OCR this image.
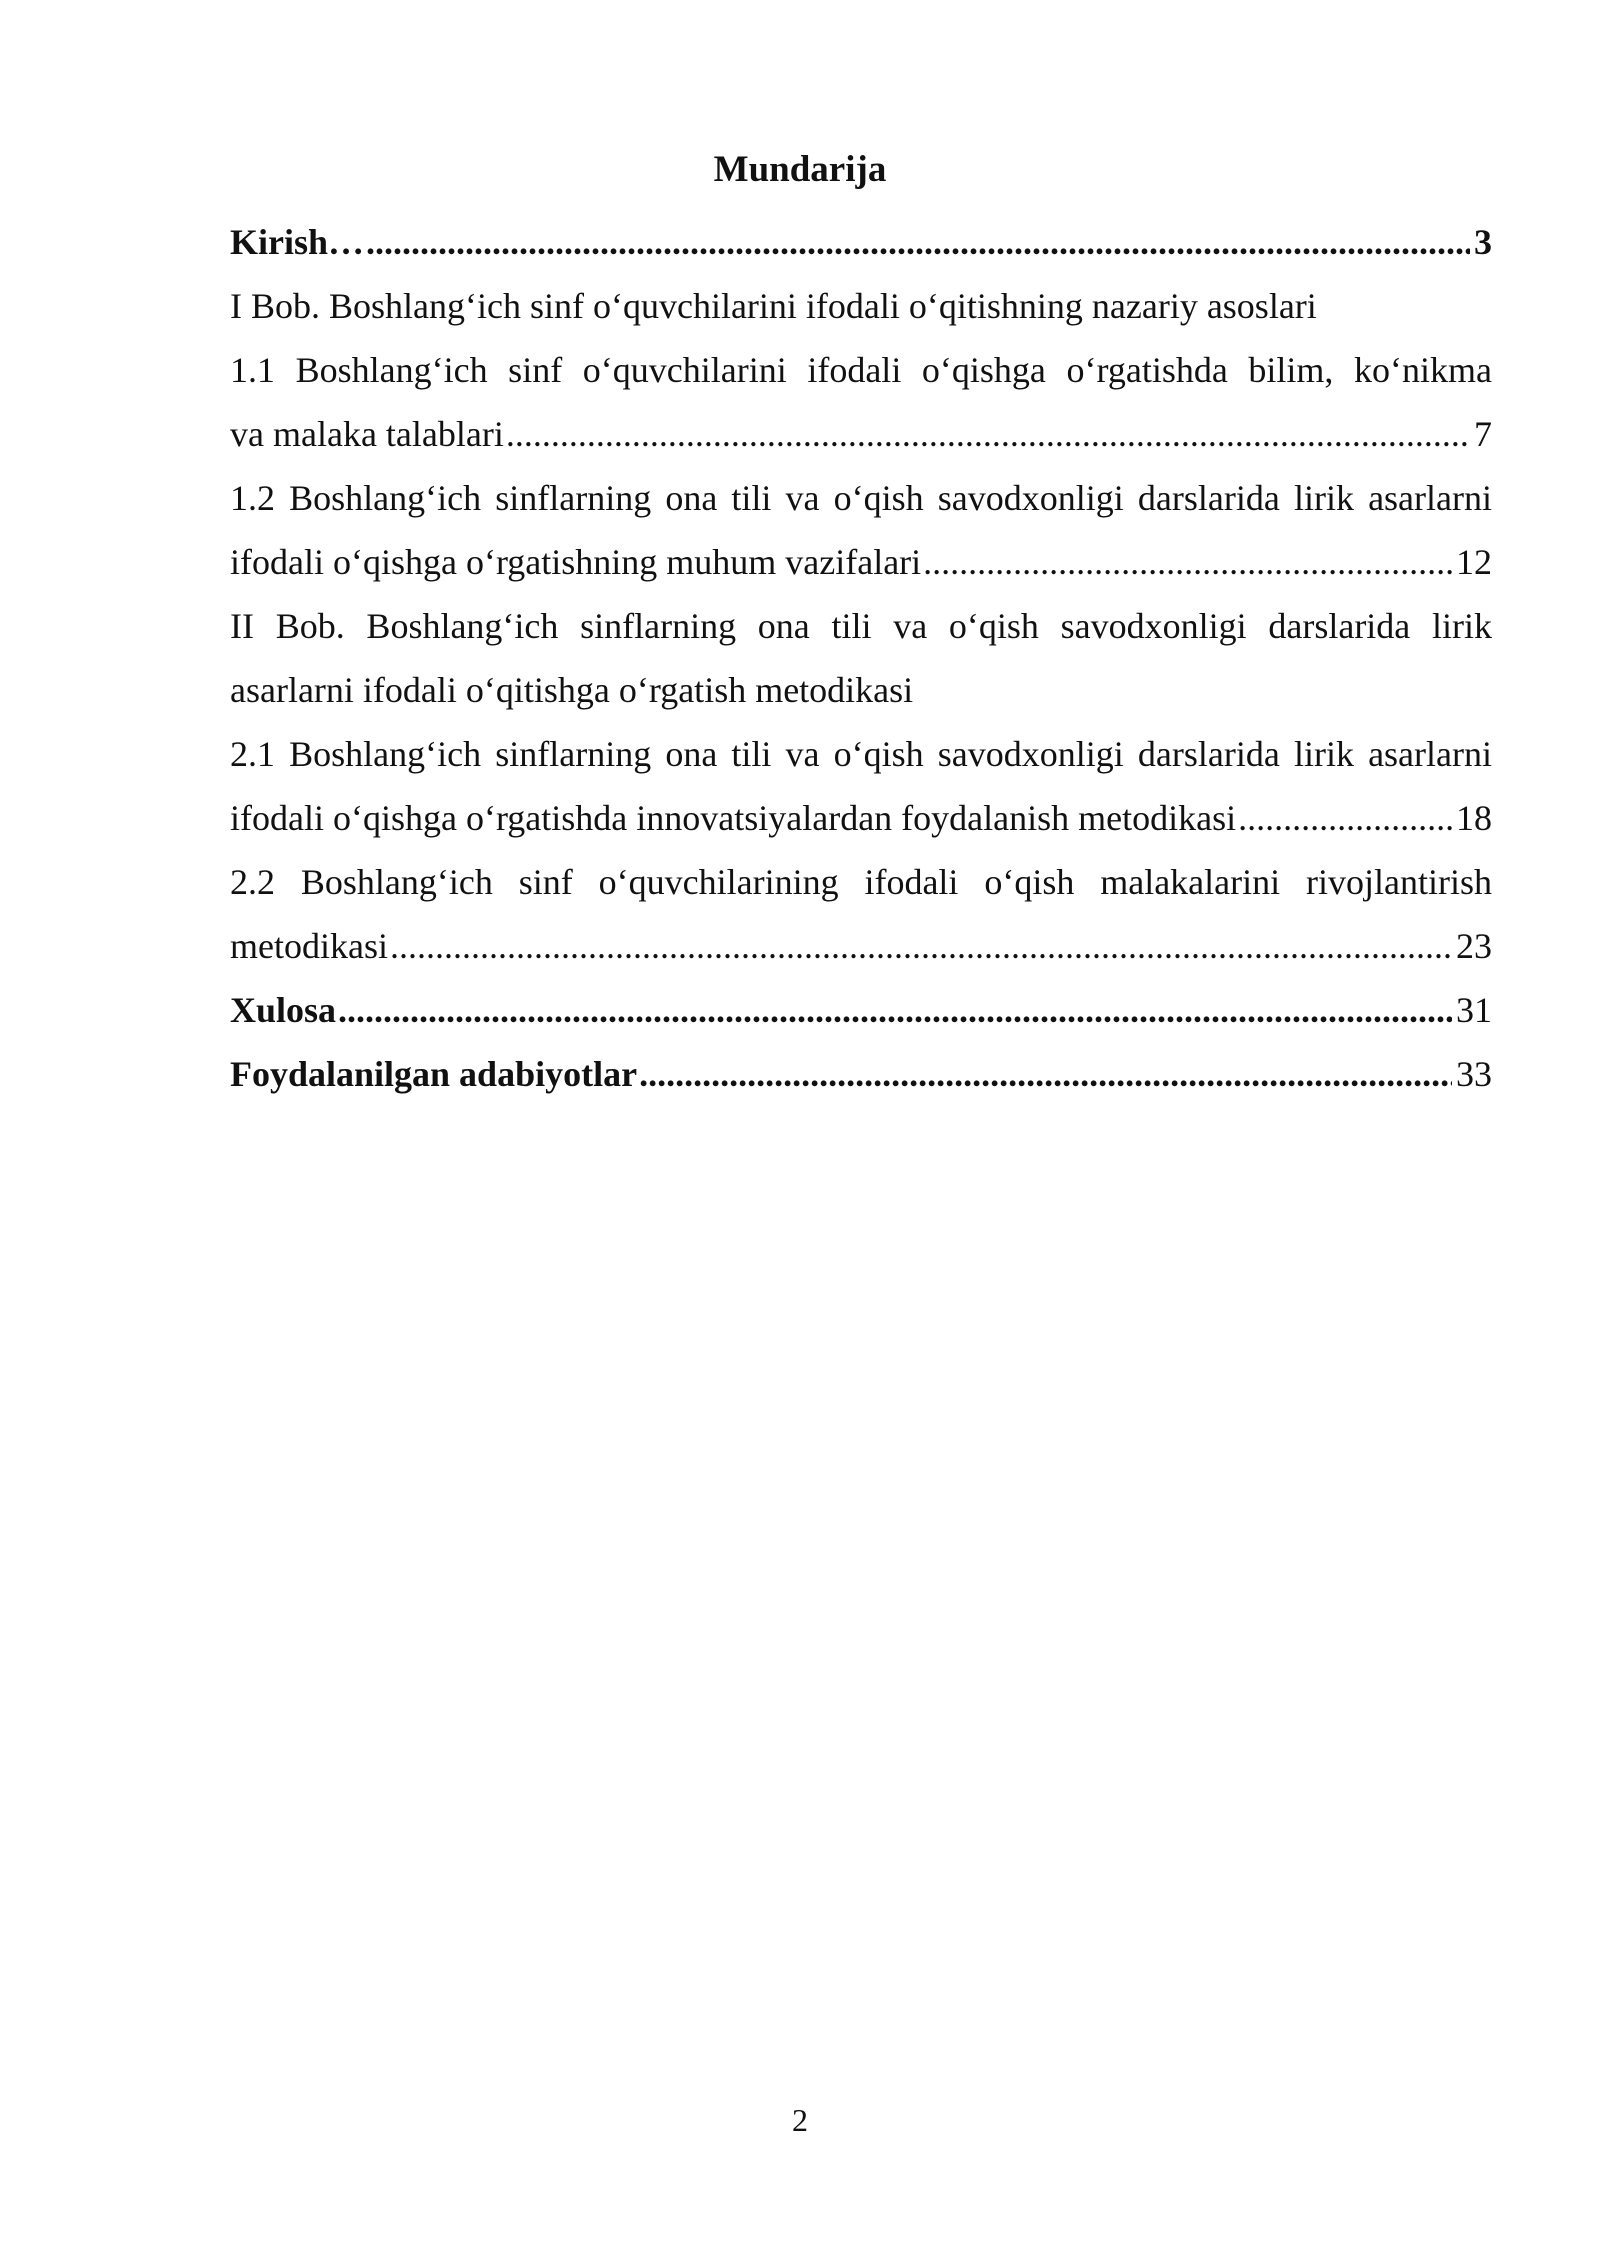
Mundarija
Kirish… .....	3
I Bob. Boshlang‘ich sinf o‘quvchilarini ifodali o‘qitishning nazariy asoslari
1.1 Boshlang‘ich sinf o‘quvchilarini ifodali o‘qishga o‘rgatishda bilim, ko‘nikma
va malaka talablari .....	7
1.2 Boshlang‘ich sinflarning ona tili va o‘qish savodxonligi darslarida lirik asarlarni
ifodali o‘qishga o‘rgatishning muhum vazifalari .....	12
II Bob. Boshlang‘ich sinflarning ona tili va o‘qish savodxonligi darslarida lirik
asarlarni ifodali o‘qitishga o‘rgatish metodikasi
2.1 Boshlang‘ich sinflarning ona tili va o‘qish savodxonligi darslarida lirik asarlarni
ifodali o‘qishga o‘rgatishda innovatsiyalardan foydalanish metodikasi .....	18
2.2 Boshlang‘ich sinf o‘quvchilarining ifodali o‘qish malakalarini rivojlantirish
metodikasi .....	23
Xulosa .....	31
Foydalanilgan adabiyotlar .....	33
2
